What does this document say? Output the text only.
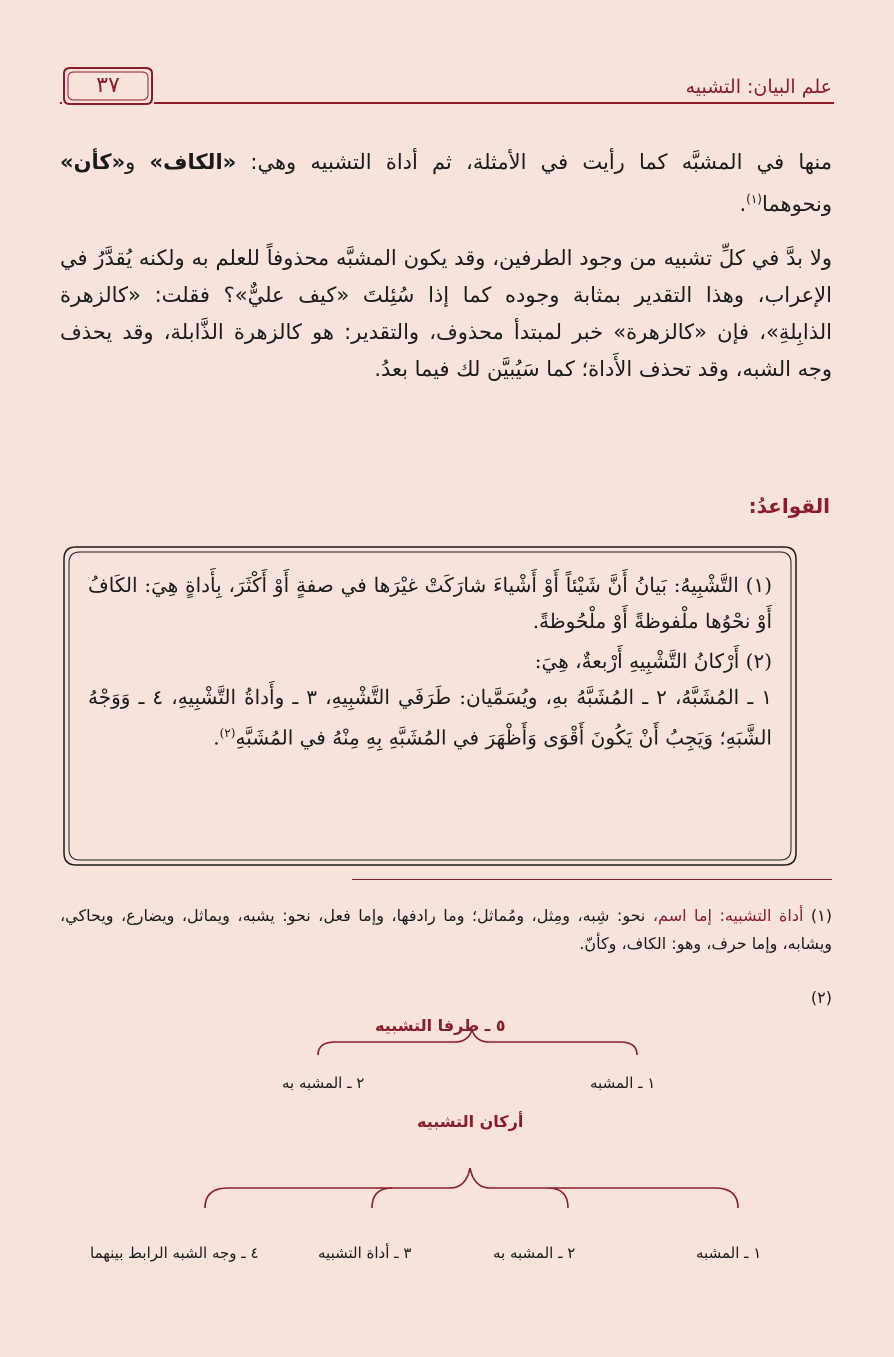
علم البيان: التشبيه
٣٧
منها في المشبَّه كما رأيت في الأمثلة، ثم أداة التشبيه وهي: «الكاف» و«كأن» ونحوهما$^{(١)}$.
ولا بدَّ في كلِّ تشبيه من وجود الطرفين، وقد يكون المشبَّه محذوفاً للعلم به ولكنه يُقدَّرُ في الإعراب، وهذا التقدير بمثابة وجوده كما إذا سُئِلتَ «كيف عليٌّ»؟ فقلت: «كالزهرة الذابِلةِ»، فإن «كالزهرة» خبر لمبتدأ محذوف، والتقدير: هو كالزهرة الذَّابلة، وقد يحذف وجه الشبه، وقد تحذف الأَداة؛ كما سَيُبيَّن لك فيما بعدُ.
القواعدُ:
(١) التَّشْبِيهُ: بَيانُ أَنَّ شَيْئاً أَوْ أَشْياءَ شارَكَتْ غيْرَها في صفةٍ أَوْ أَكْثَرَ، بِأَداةٍ هِيَ: الكَافُ أَوْ نحْوُها ملْفوظةً أَوْ ملْحُوظةً.
(٢) أَرْكانُ التَّشْبِيهِ أَرْبعةٌ، هِيَ:
١ ـ المُشَبَّهُ، ٢ ـ المُشَبَّهُ بهِ، ويُسَمَّيان: طَرَفَي التَّشْبِيهِ، ٣ ـ وأَداةُ التَّشْبِيهِ، ٤ ـ وَوَجْهُ الشَّبَهِ؛ وَيَجِبُ أَنْ يَكُونَ أَقْوَى وَأَظْهَرَ في المُشَبَّهِ بِهِ مِنْهُ في المُشَبَّهِ$^{(٢)}$.
(١) أداة التشبيه: إما اسم، نحو: شِبه، ومِثل، ومُماثل؛ وما رادفها، وإما فعل، نحو: يشبه، ويماثل، ويضارع، ويحاكي، ويشابه، وإما حرف، وهو: الكاف، وكأنّ.
(٢)
٥ ـ طرفا التشبيه
٢ ـ المشبه به	١ ـ المشبه
أركان التشبيه
٤ ـ وجه الشبه الرابط بينهما	٣ ـ أداة التشبيه	٢ ـ المشبه به	١ ـ المشبه
